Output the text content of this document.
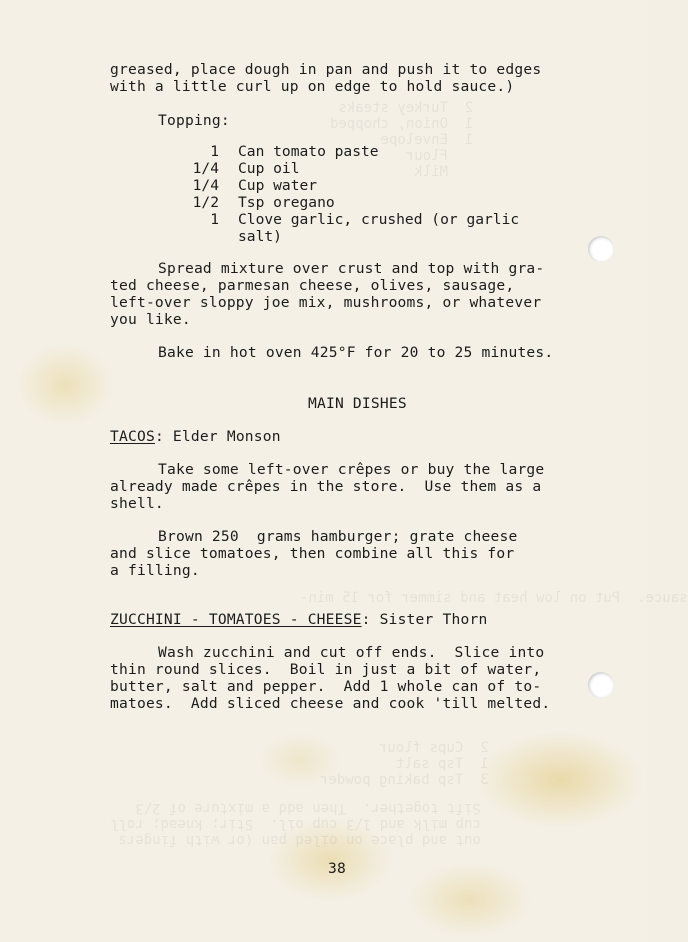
2  Turkey steaks
1  Onion, chopped
1  Envelope
Flour
Milk
sauce.  Put on low heat and simmer for 15 min-
2  Cups flour
1  Tsp salt
3  Tsp baking powder
out and place on oiled pan (or with fingers
cup milk and 1/3 cup oil.  Stir; knead; roll
Sift together.  Then add a mixture of 2/3
greased, place dough in pan and push it to edges
with a little curl up on edge to hold sauce.)
Topping:
1 Can tomato paste
1/4 Cup oil
1/4 Cup water
1/2 Tsp oregano
1 Clove garlic, crushed (or garlic
salt)
Spread mixture over crust and top with gra-
ted cheese, parmesan cheese, olives, sausage,
left-over sloppy joe mix, mushrooms, or whatever
you like.
Bake in hot oven 425°F for 20 to 25 minutes.
MAIN DISHES
TACOS: Elder Monson
Take some left-over crêpes or buy the large
already made crêpes in the store.  Use them as a
shell.
Brown 250  grams hamburger; grate cheese
and slice tomatoes, then combine all this for
a filling.
ZUCCHINI - TOMATOES - CHEESE: Sister Thorn
Wash zucchini and cut off ends.  Slice into
thin round slices.  Boil in just a bit of water,
butter, salt and pepper.  Add 1 whole can of to-
matoes.  Add sliced cheese and cook 'till melted.
38
